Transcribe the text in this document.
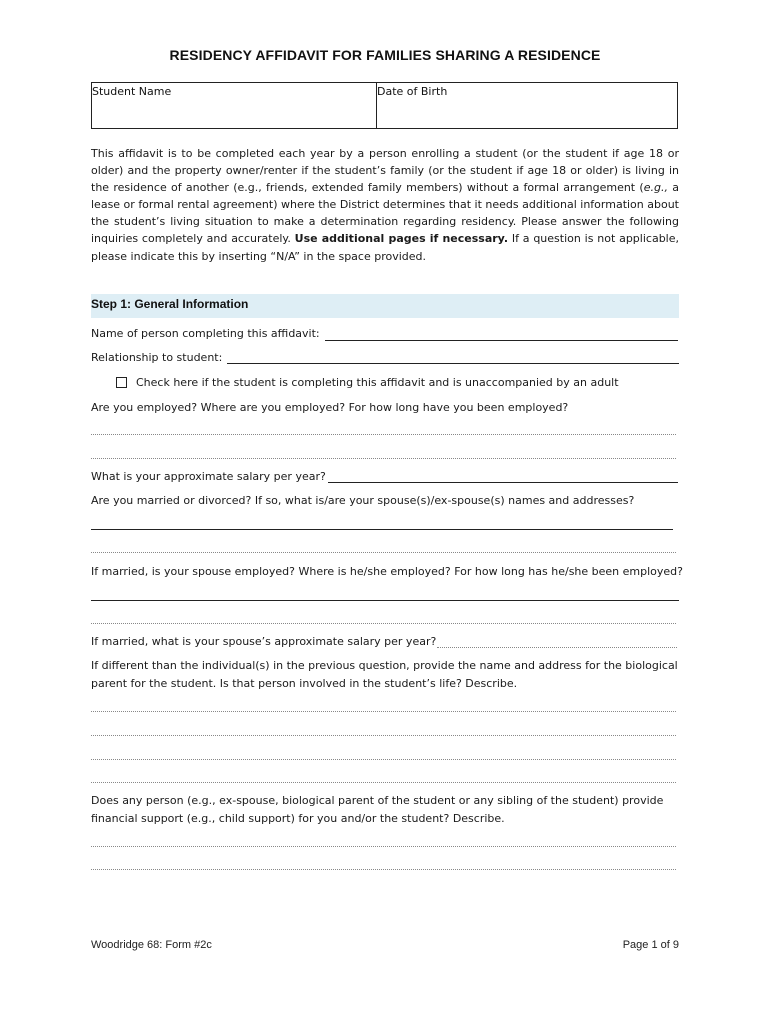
RESIDENCY AFFIDAVIT FOR FAMILIES SHARING A RESIDENCE
Student Name	Date of Birth
This affidavit is to be completed each year by a person enrolling a student (or the student if age 18 or older) and the property owner/renter if the student’s family (or the student if age 18 or older) is living in the residence of another (e.g., friends, extended family members) without a formal arrangement (e.g., a lease or formal rental agreement) where the District determines that it needs additional information about the student’s living situation to make a determination regarding residency. Please answer the following inquiries completely and accurately. Use additional pages if necessary. If a question is not applicable, please indicate this by inserting “N/A” in the space provided.
Step 1: General Information
Name of person completing this affidavit:
Relationship to student:
Check here if the student is completing this affidavit and is unaccompanied by an adult
Are you employed? Where are you employed? For how long have you been employed?
What is your approximate salary per year?
Are you married or divorced? If so, what is/are your spouse(s)/ex-spouse(s) names and addresses?
If married, is your spouse employed? Where is he/she employed? For how long has he/she been employed?
If married, what is your spouse’s approximate salary per year?
If different than the individual(s) in the previous question, provide the name and address for the biological parent for the student. Is that person involved in the student’s life? Describe.
Does any person (e.g., ex-spouse, biological parent of the student or any sibling of the student) provide financial support (e.g., child support) for you and/or the student? Describe.
Woodridge 68: Form #2c	Page 1 of 9
